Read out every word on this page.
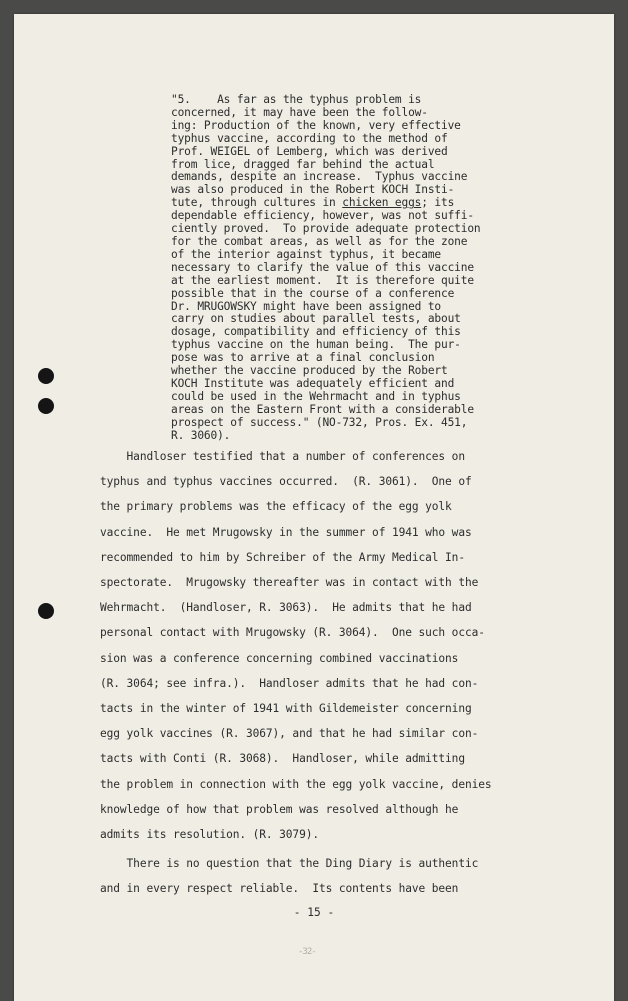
"5.    As far as the typhus problem is
concerned, it may have been the follow-
ing: Production of the known, very effective
typhus vaccine, according to the method of
Prof. WEIGEL of Lemberg, which was derived
from lice, dragged far behind the actual
demands, despite an increase.  Typhus vaccine
was also produced in the Robert KOCH Insti-
tute, through cultures in chicken eggs; its
dependable efficiency, however, was not suffi-
ciently proved.  To provide adequate protection
for the combat areas, as well as for the zone
of the interior against typhus, it became
necessary to clarify the value of this vaccine
at the earliest moment.  It is therefore quite
possible that in the course of a conference
Dr. MRUGOWSKY might have been assigned to
carry on studies about parallel tests, about
dosage, compatibility and efficiency of this
typhus vaccine on the human being.  The pur-
pose was to arrive at a final conclusion
whether the vaccine produced by the Robert
KOCH Institute was adequately efficient and
could be used in the Wehrmacht and in typhus
areas on the Eastern Front with a considerable
prospect of success." (NO-732, Pros. Ex. 451,
R. 3060).
Handloser testified that a number of conferences on
typhus and typhus vaccines occurred.  (R. 3061).  One of
the primary problems was the efficacy of the egg yolk
vaccine.  He met Mrugowsky in the summer of 1941 who was
recommended to him by Schreiber of the Army Medical In-
spectorate.  Mrugowsky thereafter was in contact with the
Wehrmacht.  (Handloser, R. 3063).  He admits that he had
personal contact with Mrugowsky (R. 3064).  One such occa-
sion was a conference concerning combined vaccinations
(R. 3064; see infra.).  Handloser admits that he had con-
tacts in the winter of 1941 with Gildemeister concerning
egg yolk vaccines (R. 3067), and that he had similar con-
tacts with Conti (R. 3068).  Handloser, while admitting
the problem in connection with the egg yolk vaccine, denies
knowledge of how that problem was resolved although he
admits its resolution. (R. 3079).
There is no question that the Ding Diary is authentic
and in every respect reliable.  Its contents have been
- 15 -
-32-
